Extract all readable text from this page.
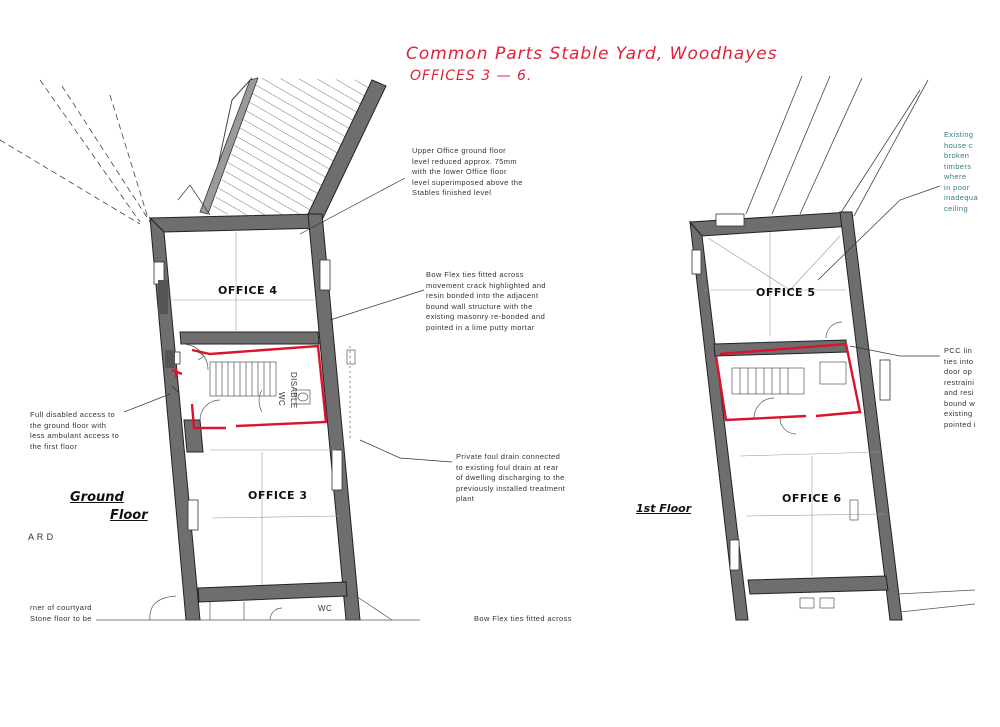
Common Parts Stable Yard, Woodhayes
OFFICES 3 — 6.
OFFICE 4
OFFICE 3
OFFICE 5
OFFICE 6
WC
DISABLE
WC
Ground
Floor	1st Floor
Upper Office ground floor
level reduced approx. 75mm
with the lower Office floor
level superimposed above the
Stables finished level
Bow Flex ties fitted across
movement crack highlighted and
resin bonded into the adjacent
bound wall structure with the
existing masonry re-bonded and
pointed in a lime putty mortar
Full disabled access to
the ground floor with
less ambulant access to
the first floor
Private foul drain connected
to existing foul drain at rear
of dwelling discharging to the
previously installed treatment
plant
rner of courtyard
Stone floor to be	Bow Flex ties fitted across
A R D
Existing
house c
broken
timbers
where
in poor
inadequa
ceiling
PCC lin
ties into
door op
restraini
and resi
bound w
existing
pointed i
